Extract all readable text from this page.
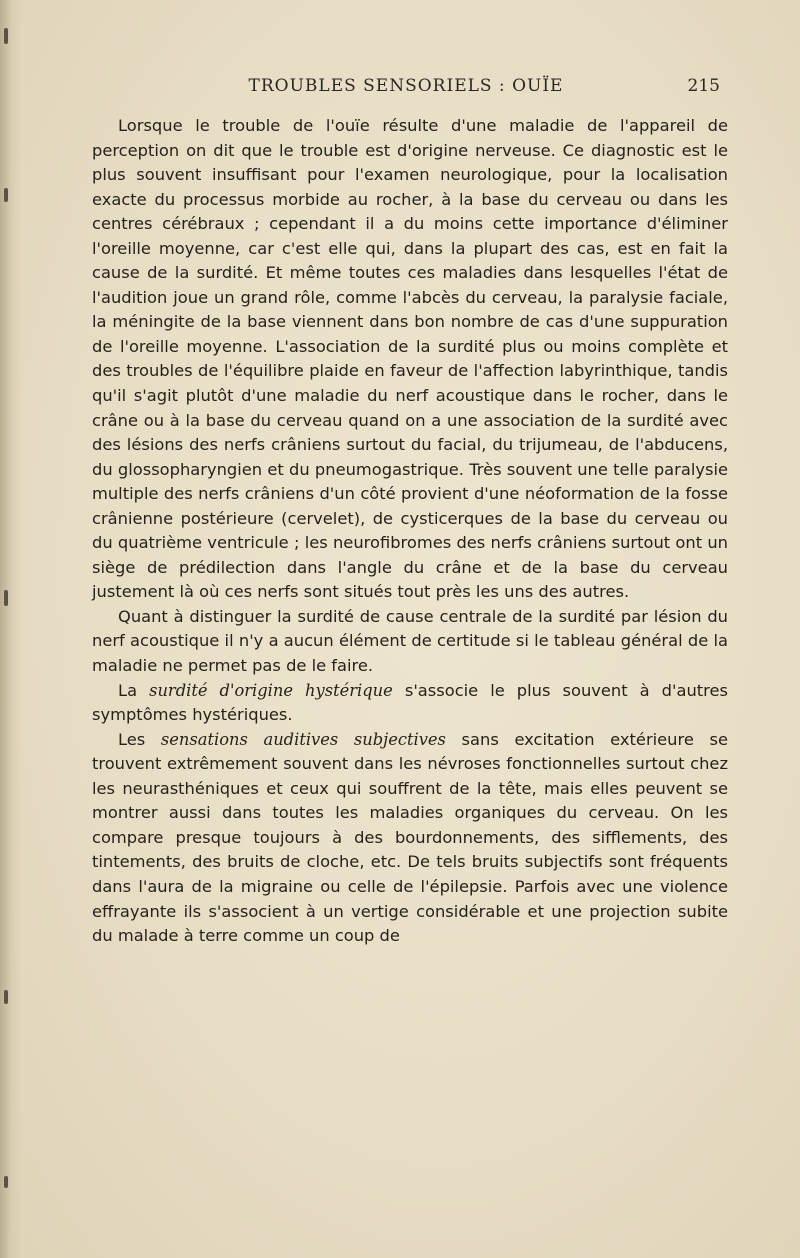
TROUBLES SENSORIELS : OUÏE	215

Lorsque le trouble de l'ouïe résulte d'une maladie de l'appareil de perception on dit que le trouble est d'origine nerveuse. Ce diagnostic est le plus souvent insuffisant pour l'examen neurologique, pour la localisation exacte du processus morbide au rocher, à la base du cerveau ou dans les centres cérébraux ; cependant il a du moins cette importance d'éliminer l'oreille moyenne, car c'est elle qui, dans la plupart des cas, est en fait la cause de la surdité. Et même toutes ces maladies dans lesquelles l'état de l'audition joue un grand rôle, comme l'abcès du cerveau, la paralysie faciale, la méningite de la base viennent dans bon nombre de cas d'une suppuration de l'oreille moyenne. L'association de la surdité plus ou moins complète et des troubles de l'équilibre plaide en faveur de l'affection labyrinthique, tandis qu'il s'agit plutôt d'une maladie du nerf acoustique dans le rocher, dans le crâne ou à la base du cerveau quand on a une association de la surdité avec des lésions des nerfs crâniens surtout du facial, du trijumeau, de l'abducens, du glossopharyngien et du pneumogastrique. Très souvent une telle paralysie multiple des nerfs crâniens d'un côté provient d'une néoformation de la fosse crânienne postérieure (cervelet), de cysticerques de la base du cerveau ou du quatrième ventricule ; les neurofibromes des nerfs crâniens surtout ont un siège de prédilection dans l'angle du crâne et de la base du cerveau justement là où ces nerfs sont situés tout près les uns des autres.

Quant à distinguer la surdité de cause centrale de la surdité par lésion du nerf acoustique il n'y a aucun élément de certitude si le tableau général de la maladie ne permet pas de le faire.

La surdité d'origine hystérique s'associe le plus souvent à d'autres symptômes hystériques.

Les sensations auditives subjectives sans excitation extérieure se trouvent extrêmement souvent dans les névroses fonctionnelles surtout chez les neurasthéniques et ceux qui souffrent de la tête, mais elles peuvent se montrer aussi dans toutes les maladies organiques du cerveau. On les compare presque toujours à des bourdonnements, des sifflements, des tintements, des bruits de cloche, etc. De tels bruits subjectifs sont fréquents dans l'aura de la migraine ou celle de l'épilepsie. Parfois avec une violence effrayante ils s'associent à un vertige considérable et une projection subite du malade à terre comme un coup de
